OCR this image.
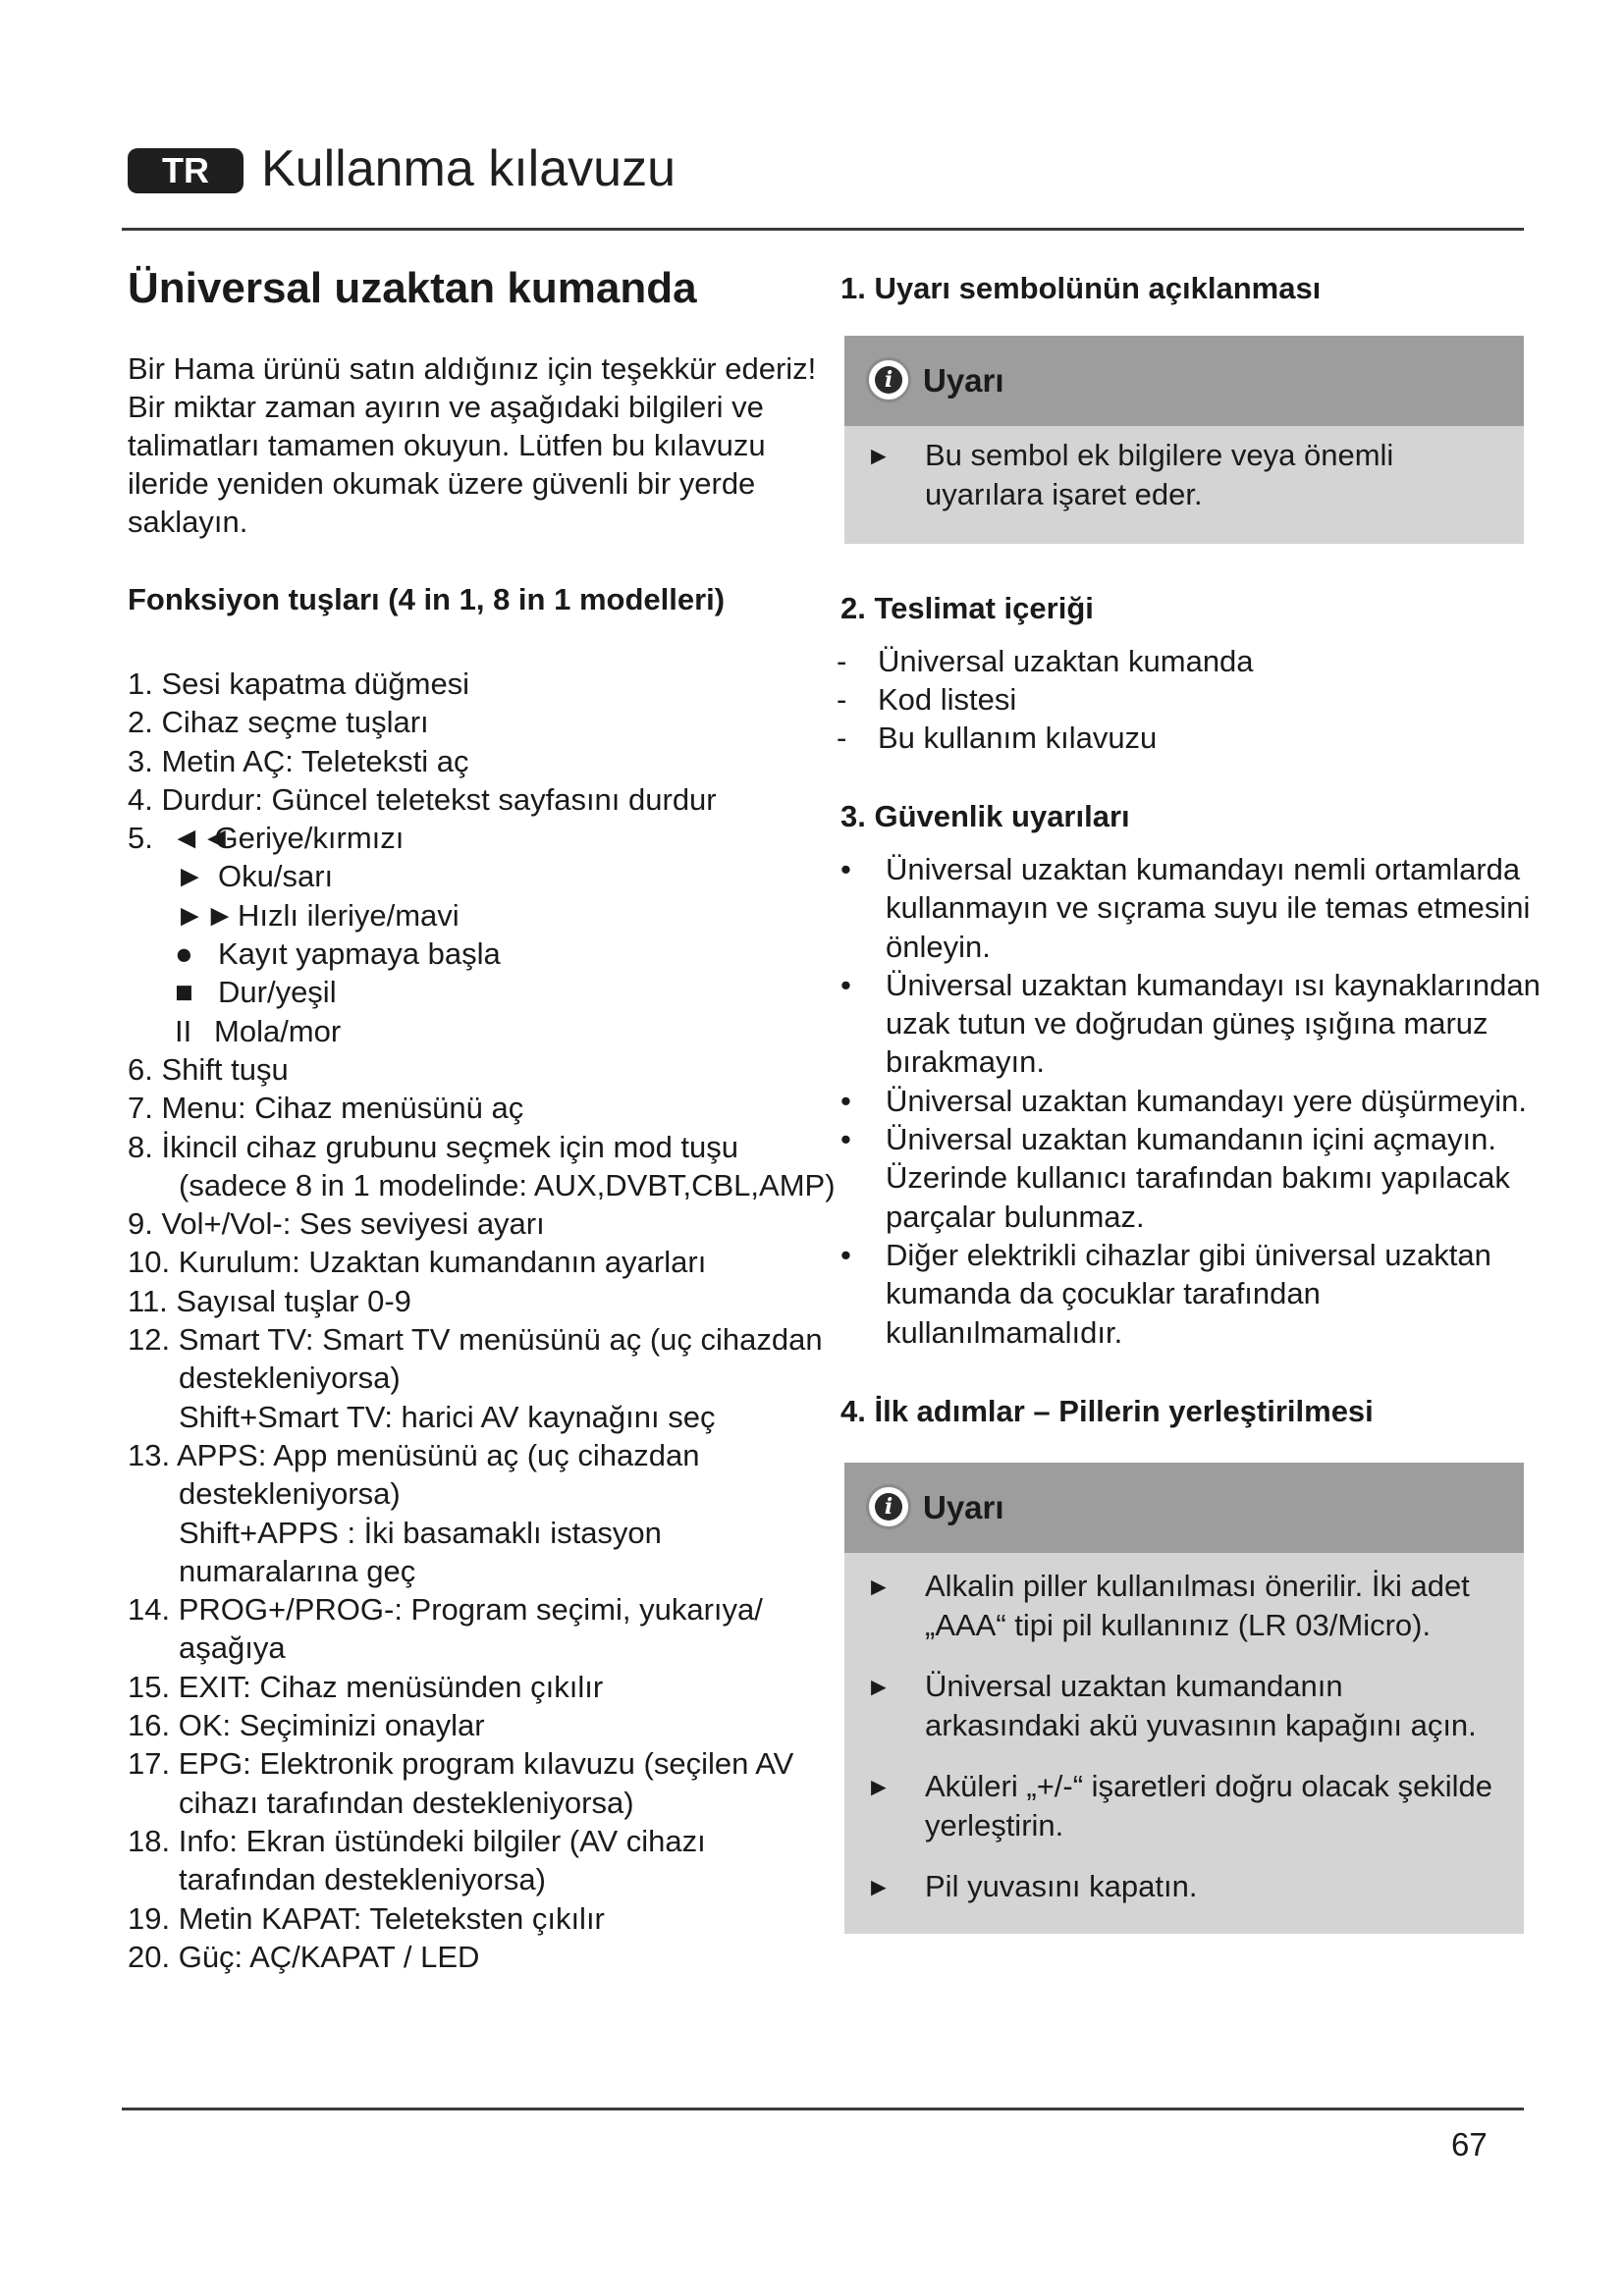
TR	Kullanma kılavuzu
Üniversal uzaktan kumanda

Bir Hama ürünü satın aldığınız için teşekkür ederiz!

Bir miktar zaman ayırın ve aşağıdaki bilgileri ve talimatları tamamen okuyun. Lütfen bu kılavuzu ileride yeniden okumak üzere güvenli bir yerde saklayın.

Fonksiyon tuşları (4 in 1, 8 in 1 modelleri)
1. Sesi kapatma düğmesi
2. Cihaz seçme tuşları
3. Metin AÇ: Teleteksti aç
4. Durdur: Güncel teletekst sayfasını durdur
5. ◄◄Geriye/kırmızı
► Oku/sarı
►►Hızlı ileriye/mavi
● Kayıt yapmaya başla
■ Dur/yeşil
II Mola/mor
6. Shift tuşu
7. Menu: Cihaz menüsünü aç
8. İkincil cihaz grubunu seçmek için mod tuşu
(sadece 8 in 1 modelinde: AUX,DVBT,CBL,AMP)
9. Vol+/Vol-: Ses seviyesi ayarı
10. Kurulum: Uzaktan kumandanın ayarları
11. Sayısal tuşlar 0-9
12. Smart TV: Smart TV menüsünü aç (uç cihazdan
destekleniyorsa)
Shift+Smart TV: harici AV kaynağını seç
13. APPS: App menüsünü aç (uç cihazdan
destekleniyorsa)
Shift+APPS : İki basamaklı istasyon
numaralarına geç
14. PROG+/PROG-: Program seçimi, yukarıya/
aşağıya
15. EXIT: Cihaz menüsünden çıkılır
16. OK: Seçiminizi onaylar
17. EPG: Elektronik program kılavuzu (seçilen AV
cihazı tarafından destekleniyorsa)
18. Info: Ekran üstündeki bilgiler (AV cihazı
tarafından destekleniyorsa)
19. Metin KAPAT: Teleteksten çıkılır
20. Güç: AÇ/KAPAT / LED
1. Uyarı sembolünün açıklanması
i Uyarı
► Bu sembol ek bilgilere veya önemli uyarılara işaret eder.
2. Teslimat içeriği
- Üniversal uzaktan kumanda
- Kod listesi
- Bu kullanım kılavuzu
3. Güvenlik uyarıları
• Üniversal uzaktan kumandayı nemli ortamlarda kullanmayın ve sıçrama suyu ile temas etmesini önleyin.
• Üniversal uzaktan kumandayı ısı kaynaklarından uzak tutun ve doğrudan güneş ışığına maruz bırakmayın.
• Üniversal uzaktan kumandayı yere düşürmeyin.
• Üniversal uzaktan kumandanın içini açmayın. Üzerinde kullanıcı tarafından bakımı yapılacak parçalar bulunmaz.
• Diğer elektrikli cihazlar gibi üniversal uzaktan kumanda da çocuklar tarafından kullanılmamalıdır.
4. İlk adımlar – Pillerin yerleştirilmesi
i Uyarı
► Alkalin piller kullanılması önerilir. İki adet „AAA“ tipi pil kullanınız (LR 03/Micro).
► Üniversal uzaktan kumandanın arkasındaki akü yuvasının kapağını açın.
► Aküleri „+/-“ işaretleri doğru olacak şekilde yerleştirin.
► Pil yuvasını kapatın.
67
